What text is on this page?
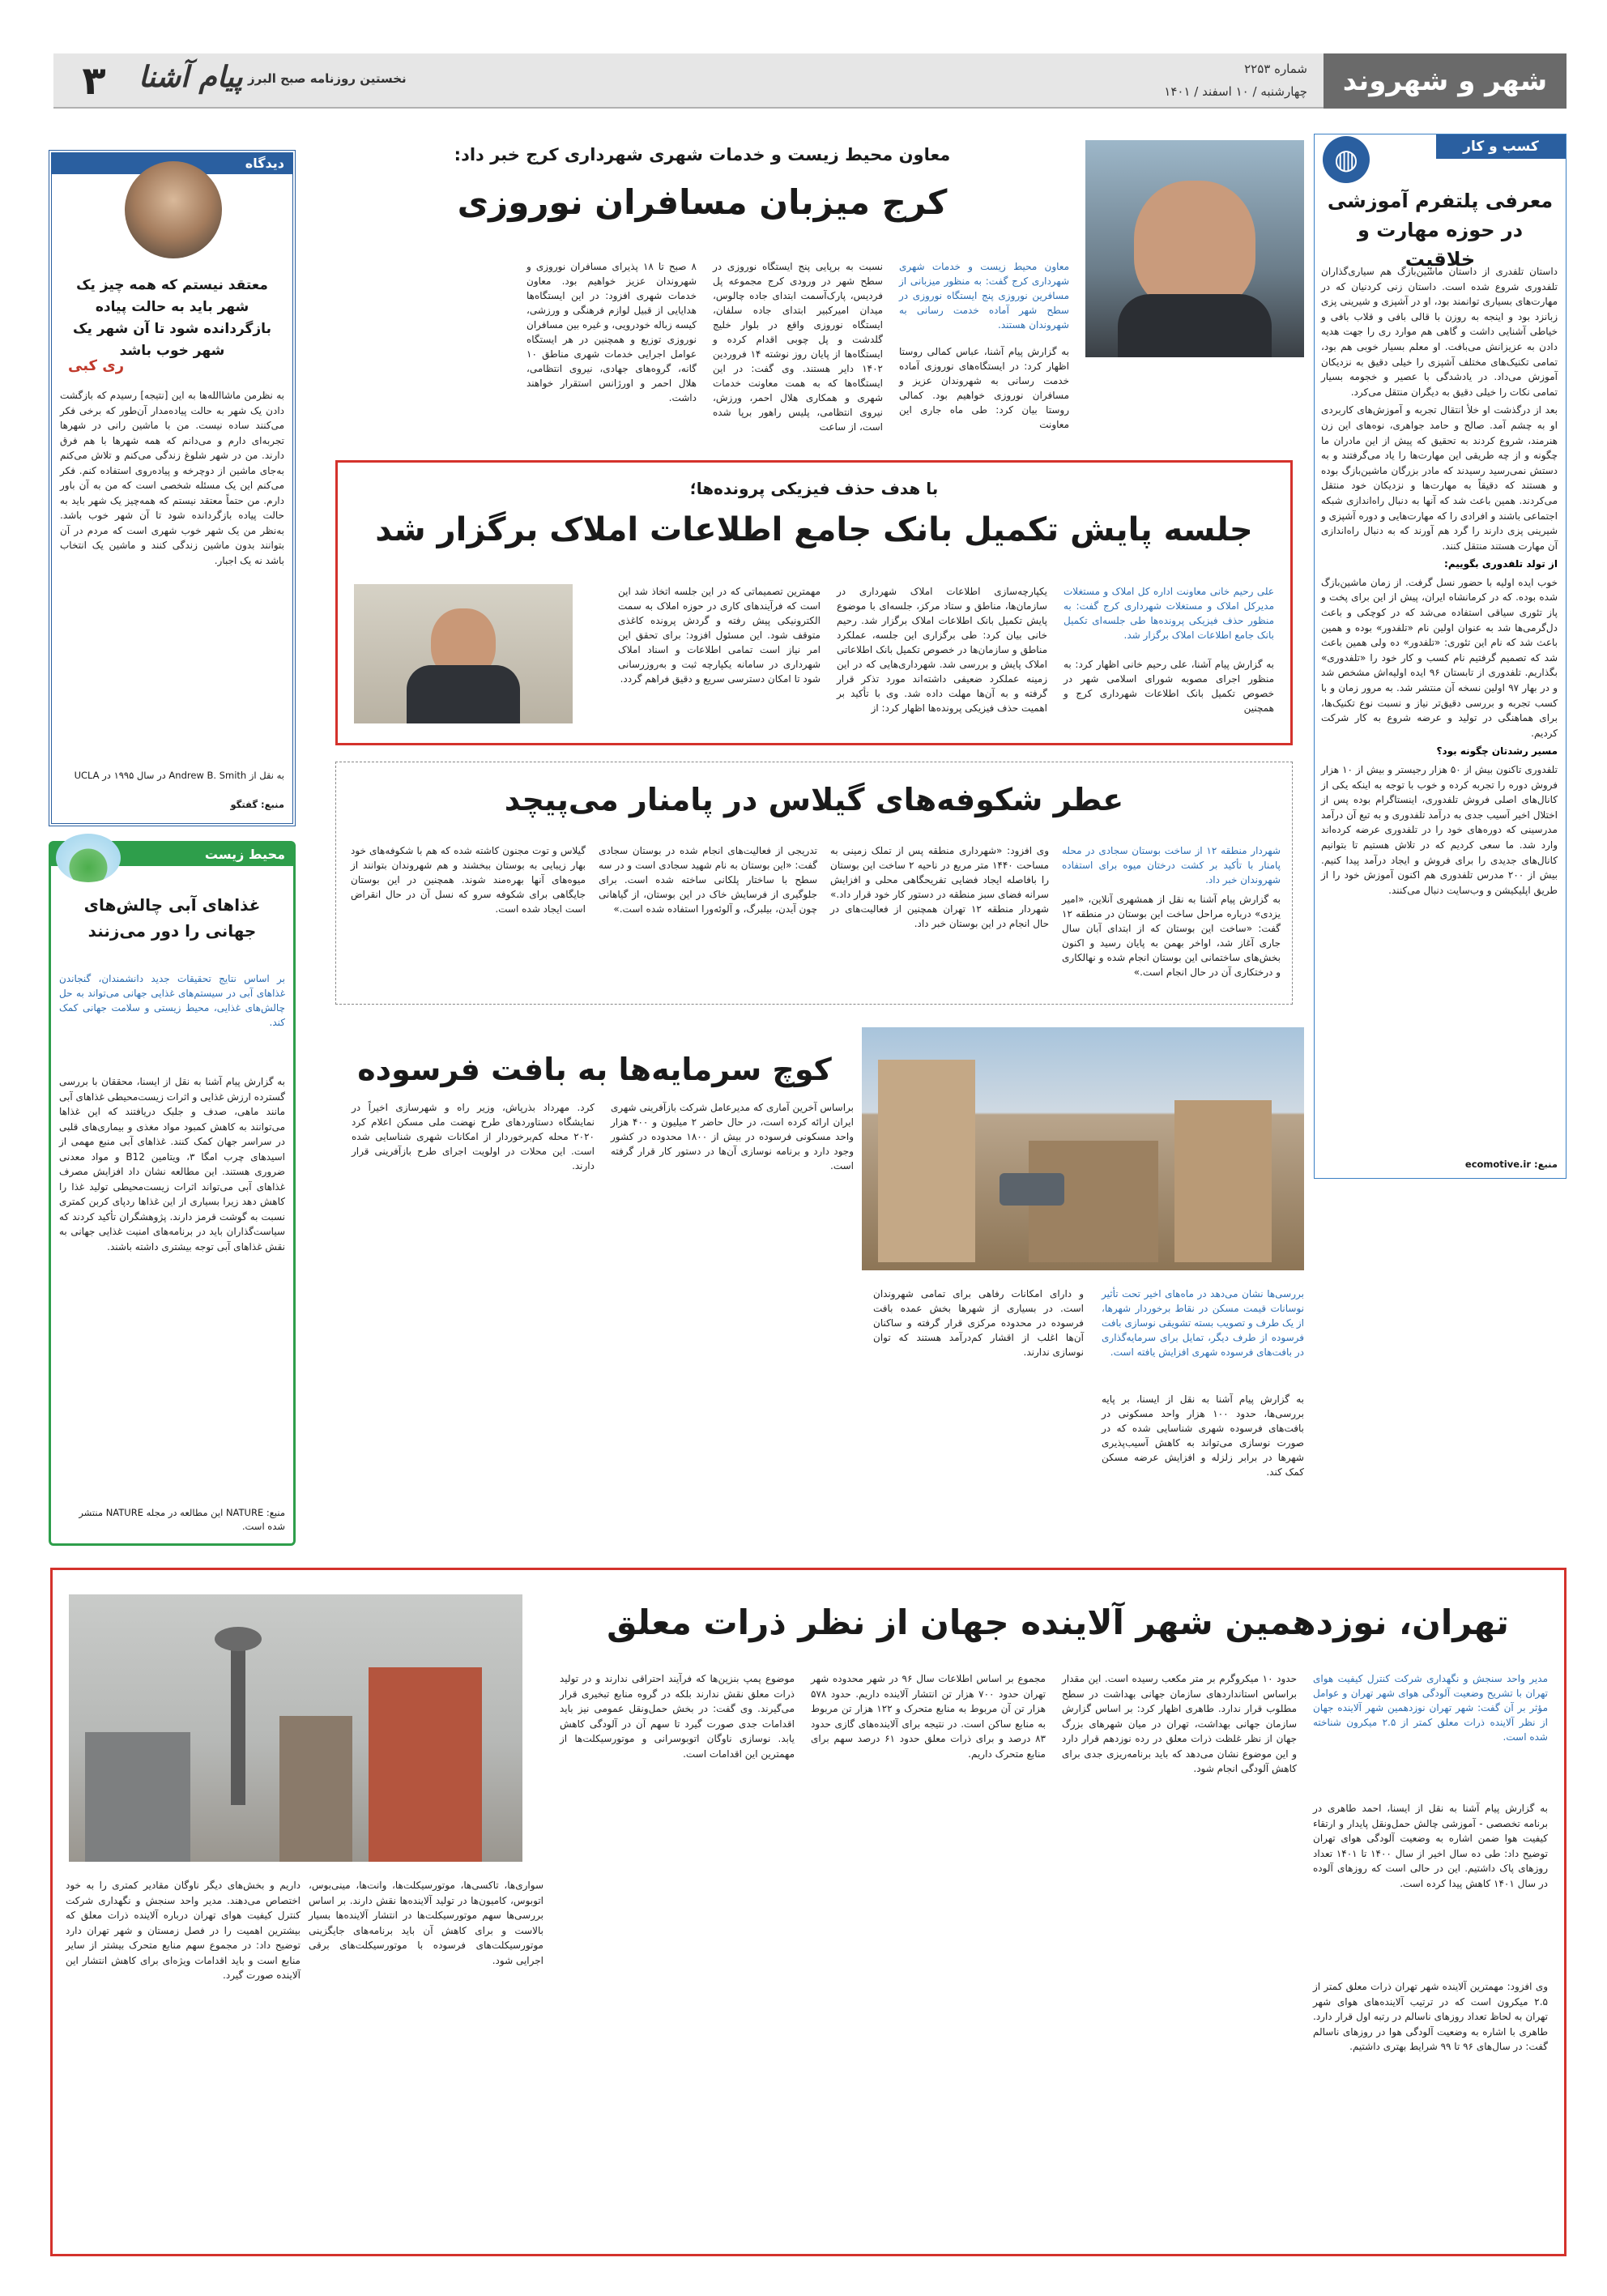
شهر و شهروند
شماره ۲۲۵۳
چهارشنبه / ۱۰ اسفند / ۱۴۰۱
نخستین روزنامه صبح البرز
پیام آشنا
۳
کسب و کار
◍
معرفی پلتفرم آموزشی در حوزه مهارت و خلاقیت

داستان تلفدری از داستان ماشین‌بازگ هم سیاری‌گذاران تلفدوری شروع شده است. داستان زنی کردنیان که در مهارت‌های بسیاری توانمند بود، او در آشپزی و شیرینی پزی زبانزد بود و اینجه به روزن با قالی بافی و قلاب بافی و خیاطی آشنایی داشت و گاهی هم موارد ری را جهت هدیه دادن به عزیزانش می‌بافت. او معلم بسیار خوبی هم بود، تمامی تکنیک‌های مختلف آشپزی را خیلی دقیق به نزدیکان آموزش می‌داد. در یادشدگی با عصیر و خجومه بسیار تمامی نکات را خیلی دقیق به دیگران منتقل می‌کرد.

بعد از درگذشت او خلأ انتقال تجربه و آموزش‌های کاربردی او به چشم آمد. صالح و حامد جواهری، نوه‌های این زن هنرمند، شروع کردند به تحقیق که پیش از این مادران ما چگونه و از چه طریقی این مهارت‌ها را یاد می‌گرفتند و به دستش نمی‌رسید رسیدند که مادر بزرگان ماشین‌بازگ بوده و هستند که دقیقاً به مهارت‌ها و نزدیکان خود منتقل می‌کردند. همین باعث شد که آنها به دنبال راه‌اندازی شبکه اجتماعی باشند و افرادی را که مهارت‌هایی و دوره آشپزی و شیرینی پزی دارند را گرد هم آورند که به دنبال راه‌اندازی آن مهارت هستند منتقل کنند.

از تولد تلفدوری بگوییم:

خوب ایده اولیه با حضور نسل گرفت. از زمان ماشین‌بازگ شده بوده. که در کرمانشاه ایران، پیش از این برای پخت و پاز تئوری سیاقی استفاده می‌شد که در کوچکی و باعث دل‌گرمی‌ها شد به عنوان اولین نام «تلفدور» بوده و همین باعث شد که نام این تئوری: «تلفدور» ده ولی همین باعث شد که تصمیم گرفتیم نام کسب و کار خود را «تلفدوری» بگذاریم. تلفدوری از تابستان ۹۶ ایده اولیه‌اش مشخص شد و در بهار ۹۷ اولین نسخه آن منتشر شد. به مرور زمان و با کسب تجربه و بررسی دقیق‌تر نیاز و نسبت نوع تکنیک‌ها، برای هماهنگی در تولید و عرضه شروع به کار شرکت کردیم.

مسیر رشدتان چگونه بود؟

تلفدوری تاکنون بیش از ۵۰ هزار رجیستر و بیش از ۱۰ هزار فروش دوره را تجربه کرده و خوب با توجه به اینکه یکی از کانال‌های اصلی فروش تلفدوری، اینستاگرام بوده پس از اختلال اخیر آسیب جدی به درآمد تلفدوری و به تبع آن درآمد مدرسینی که دوره‌های خود را در تلفدوری عرضه کرده‌اند وارد شد. ما سعی کردیم که در تلاش هستیم تا بتوانیم کانال‌های جدیدی را برای فروش و ایجاد درآمد پیدا کنیم. بیش از ۲۰۰ مدرس تلفدوری هم اکنون آموزش خود را از طریق اپلیکیشن و وب‌سایت دنبال می‌کنند.

منبع: ecomotive.ir
معاون محیط زیست و خدمات شهری شهرداری کرج خبر داد:
کرج میزبان مسافران نوروزی
معاون محیط زیست و خدمات شهری شهرداری کرج گفت: به منظور میزبانی از مسافرین نوروزی پنج ایستگاه نوروزی در سطح شهر آماده خدمت رسانی به شهروندان هستند.
به گزارش پیام آشنا، عباس کمالی روستا اظهار کرد: در ایستگاه‌های نوروزی آماده خدمت رسانی به شهروندان عزیز و مسافران نوروزی خواهیم بود. کمالی روستا بیان کرد: طی ماه جاری این معاونت
نسبت به برپایی پنج ایستگاه نوروزی در سطح شهر در ورودی کرج مجموعه پل فردیس، پارک‌آسمت ابتدای جاده چالوس، میدان امیرکبیر ابتدای جاده سلفان، ایستگاه نوروزی واقع در بلوار خلیج گلدشت و پل چوبی اقدام کرده و ایستگاه‌ها از پایان روز نوشته ۱۴ فروردین ۱۴۰۲ دایر هستند. وی گفت: در این ایستگاه‌ها که به همت معاونت خدمات شهری و همکاری هلال احمر، ورزش، نیروی انتظامی، پلیس راهور برپا شده است، از ساعت
۸ صبح تا ۱۸ پذیرای مسافران نوروزی و شهروندان عزیز خواهیم بود. معاون خدمات شهری افزود: در این ایستگاه‌ها هدایایی از قبیل لوازم فرهنگی و ورزشی، کیسه زباله خودرویی، و غیره بین مسافران نوروزی توزیع و همچنین در هر ایستگاه عوامل اجرایی خدمات شهری مناطق ۱۰ گانه، گروه‌های جهادی، نیروی انتظامی، هلال احمر و اورژانس استقرار خواهند داشت.
با هدف حذف فیزیکی پرونده‌ها؛
جلسه پایش تکمیل بانک جامع اطلاعات املاک برگزار شد
علی رحیم خانی معاونت اداره کل املاک و مستغلات مدیرکل املاک و مستغلات شهرداری کرج گفت: به منظور حذف فیزیکی پرونده‌ها طی جلسه‌ای تکمیل بانک جامع اطلاعات املاک برگزار شد.
به گزارش پیام آشنا، علی رحیم خانی اظهار کرد: به منظور اجرای مصوبه شورای اسلامی شهر در خصوص تکمیل بانک اطلاعات شهرداری کرج و همچنین
یکپارچه‌سازی اطلاعات املاک شهرداری در سازمان‌ها، مناطق و ستاد مرکز، جلسه‌ای با موضوع پایش تکمیل بانک اطلاعات املاک برگزار شد. رحیم خانی بیان کرد: طی برگزاری این جلسه، عملکرد مناطق و سازمان‌ها در خصوص تکمیل بانک اطلاعاتی املاک پایش و بررسی شد. شهرداری‌هایی که در این زمینه عملکرد ضعیفی داشته‌اند مورد تذکر قرار گرفته و به آن‌ها مهلت داده شد. وی با تأکید بر اهمیت حذف فیزیکی پرونده‌ها اظهار کرد: از
مهمترین تصمیماتی که در این جلسه اتخاذ شد این است که فرآیندهای کاری در حوزه املاک به سمت الکترونیکی پیش رفته و گردش پرونده کاغذی متوقف شود. این مسئول افزود: برای تحقق این امر نیاز است تمامی اطلاعات و اسناد املاک شهرداری در سامانه یکپارچه ثبت و به‌روزرسانی شود تا امکان دسترسی سریع و دقیق فراهم گردد.
عطر شکوفه‌های گیلاس در پامنار می‌پیچد
شهردار منطقه ۱۲ از ساخت بوستان سجادی در محله پامنار با تأکید بر کشت درختان میوه برای استفاده شهروندان خبر داد.
به گزارش پیام آشنا به نقل از همشهری آنلاین، «امیر یزدی» درباره مراحل ساخت این بوستان در منطقه ۱۲ گفت: «ساخت این بوستان که از ابتدای آبان سال جاری آغاز شد، اواخر بهمن به پایان رسید و اکنون بخش‌های ساختمانی این بوستان انجام شده و نهالکاری و درختکاری آن در حال انجام است.»
وی افزود: «شهرداری منطقه پس از تملک زمینی به مساحت ۱۴۴۰ متر مربع در ناحیه ۲ ساخت این بوستان را بافاصله ایجاد فضایی تفریحگاهی محلی و افزایش سرانه فضای سبز منطقه در دستور کار خود قرار داد.» شهردار منطقه ۱۲ تهران همچنین از فعالیت‌های در حال انجام در این بوستان خبر داد.
تدریجی از فعالیت‌های انجام شده در بوستان سجادی گفت: «این بوستان به نام شهید سجادی است و در سه سطح با ساختار پلکانی ساخته شده است. برای جلوگیری از فرسایش خاک در این بوستان، از گیاهانی چون آیدن، بیلبرگ، و آلوئه‌ورا استفاده شده است.»
گیلاس و توت مجنون کاشته شده که هم با شکوفه‌های خود بهار زیبایی به بوستان ببخشند و هم شهروندان بتوانند از میوه‌های آنها بهره‌مند شوند. همچنین در این بوستان جایگاهی برای شکوفه سرو که نسل آن در حال انقراض است ایجاد شده است.
کوچ سرمایه‌ها به بافت فرسوده
بررسی‌ها نشان می‌دهد در ماه‌های اخیر تحت تأثیر نوسانات قیمت مسکن در نقاط برخوردار شهرها، از یک طرف و تصویب بسته تشویقی نوسازی بافت فرسوده از طرف دیگر، تمایل برای سرمایه‌گذاری در بافت‌های فرسوده شهری افزایش یافته است.
به گزارش پیام آشنا به نقل از ایسنا، بر پایه بررسی‌ها، حدود ۱۰۰ هزار واحد مسکونی در بافت‌های فرسوده شهری شناسایی شده که در صورت نوسازی می‌تواند به کاهش آسیب‌پذیری شهرها در برابر زلزله و افزایش عرضه مسکن کمک کند.
و دارای امکانات رفاهی برای تمامی شهروندان است. در بسیاری از شهرها بخش عمده بافت فرسوده در محدوده مرکزی قرار گرفته و ساکنان آن‌ها اغلب از اقشار کم‌درآمد هستند که توان نوسازی ندارند.
براساس آخرین آماری که مدیرعامل شرکت بازآفرینی شهری ایران ارائه کرده است، در حال حاضر ۲ میلیون و ۴۰۰ هزار واحد مسکونی فرسوده در بیش از ۱۸۰۰ محدوده در کشور وجود دارد و برنامه نوسازی آن‌ها در دستور کار قرار گرفته است.
کرد. مهرداد بذرپاش، وزیر راه و شهرسازی اخیراً در نمایشگاه دستاوردهای طرح نهضت ملی مسکن اعلام کرد ۲۰۲۰ محله کم‌برخوردار از امکانات شهری شناسایی شده است. این محلات در اولویت اجرای طرح بازآفرینی قرار دارند.
دیدگاه
معتقد نیستم که همه چیز یک شهر باید به حالت پیاده بازگردانده شود تا آن شهر یک شهر خوب باشد
ری کبی
به نظرمن ماشاالله‌ها به این [نتیجه] رسیدم که بازگشت دادن یک شهر به حالت پیاده‌مدار آن‌طور که برخی فکر می‌کنند ساده نیست. من با ماشین رانی در شهرها تجربه‌ای دارم و می‌دانم که همه شهرها با هم فرق دارند. من در شهر شلوغ زندگی می‌کنم و تلاش می‌کنم به‌جای ماشین از دوچرخه و پیاده‌روی استفاده کنم. فکر می‌کنم این یک مسئله شخصی است که من به آن باور دارم. من حتماً معتقد نیستم که همه‌چیز یک شهر باید به حالت پیاده بازگردانده شود تا آن شهر خوب باشد. به‌نظر من یک شهر خوب شهری است که مردم در آن بتوانند بدون ماشین زندگی کنند و ماشین یک انتخاب باشد نه یک اجبار.
به نقل از Andrew B. Smith در سال ۱۹۹۵ در UCLA
منبع: گفتگو
محیط زیست
غذاهای آبی چالش‌های جهانی را دور می‌زنند
بر اساس نتایج تحقیقات جدید دانشمندان، گنجاندن غذاهای آبی در سیستم‌های غذایی جهانی می‌تواند به حل چالش‌های غذایی، محیط زیستی و سلامت جهانی کمک کند.
به گزارش پیام آشنا به نقل از ایسنا، محققان با بررسی گسترده ارزش غذایی و اثرات زیست‌محیطی غذاهای آبی مانند ماهی، صدف و جلبک دریافتند که این غذاها می‌توانند به کاهش کمبود مواد مغذی و بیماری‌های قلبی در سراسر جهان کمک کنند. غذاهای آبی منبع مهمی از اسیدهای چرب امگا ۳، ویتامین B12 و مواد معدنی ضروری هستند. این مطالعه نشان داد افزایش مصرف غذاهای آبی می‌تواند اثرات زیست‌محیطی تولید غذا را کاهش دهد زیرا بسیاری از این غذاها ردپای کربن کمتری نسبت به گوشت قرمز دارند. پژوهشگران تأکید کردند که سیاست‌گذاران باید در برنامه‌های امنیت غذایی جهانی به نقش غذاهای آبی توجه بیشتری داشته باشند.
منبع: NATURE این مطالعه در مجله NATURE منتشر شده است.
تهران، نوزدهمین شهر آلاینده جهان از نظر ذرات معلق
مدیر واحد سنجش و نگهداری شرکت کنترل کیفیت هوای تهران با تشریح وضعیت آلودگی هوای شهر تهران و عوامل مؤثر بر آن گفت: شهر تهران نوزدهمین شهر آلاینده جهان از نظر آلاینده ذرات معلق کمتر از ۲.۵ میکرون شناخته شده است.
به گزارش پیام آشنا به نقل از ایسنا، احمد طاهری در برنامه تخصصی - آموزشی چالش حمل‌ونقل پایدار و ارتقاء کیفیت هوا ضمن اشاره به وضعیت آلودگی هوای تهران توضیح داد: طی ده سال اخیر از سال ۱۴۰۰ تا ۱۴۰۱ تعداد روزهای پاک داشتیم. این در حالی است که روزهای آلوده در سال ۱۴۰۱ کاهش پیدا کرده است.
وی افزود: مهمترین آلاینده شهر تهران ذرات معلق کمتر از ۲.۵ میکرون است که در ترتیب آلاینده‌های هوای شهر تهران به لحاظ تعداد روزهای ناسالم در رتبه اول قرار دارد. طاهری با اشاره به وضعیت آلودگی هوا در روزهای ناسالم گفت: در سال‌های ۹۶ تا ۹۹ شرایط بهتری داشتیم.
حدود ۱۰ میکروگرم بر متر مکعب رسیده است. این مقدار براساس استانداردهای سازمان جهانی بهداشت در سطح مطلوب قرار ندارد. طاهری اظهار کرد: بر اساس گزارش سازمان جهانی بهداشت، تهران در میان شهرهای بزرگ جهان از نظر غلظت ذرات معلق در رده نوزدهم قرار دارد و این موضوع نشان می‌دهد که باید برنامه‌ریزی جدی برای کاهش آلودگی انجام شود.
مجموع بر اساس اطلاعات سال ۹۶ در شهر محدوده شهر تهران حدود ۷۰۰ هزار تن انتشار آلاینده داریم. حدود ۵۷۸ هزار تن آن مربوط به منابع متحرک و ۱۲۲ هزار تن مربوط به منابع ساکن است. در نتیجه برای آلاینده‌های گازی حدود ۸۳ درصد و برای ذرات معلق حدود ۶۱ درصد سهم برای منابع متحرک داریم.
موضوع پمپ بنزین‌ها که فرآیند احتراقی ندارند و در تولید ذرات معلق نقش ندارند بلکه در گروه منابع تبخیری قرار می‌گیرند. وی گفت: در بخش حمل‌ونقل عمومی نیز باید اقدامات جدی صورت گیرد تا سهم آن در آلودگی کاهش یابد. نوسازی ناوگان اتوبوسرانی و موتورسیکلت‌ها از مهمترین این اقدامات است.
سواری‌ها، تاکسی‌ها، موتورسیکلت‌ها، وانت‌ها، مینی‌بوس، اتوبوس، کامیون‌ها در تولید آلاینده‌ها نقش دارند. بر اساس بررسی‌ها سهم موتورسیکلت‌ها در انتشار آلاینده‌ها بسیار بالاست و برای کاهش آن باید برنامه‌های جایگزینی موتورسیکلت‌های فرسوده با موتورسیکلت‌های برقی اجرایی شود.
داریم و بخش‌های دیگر ناوگان مقادیر کمتری را به خود اختصاص می‌دهند. مدیر واحد سنجش و نگهداری شرکت کنترل کیفیت هوای تهران درباره آلاینده ذرات معلق که بیشترین اهمیت را در فصل زمستان و شهر تهران دارد توضیح داد: در مجموع سهم منابع متحرک بیشتر از سایر منابع است و باید اقدامات ویژه‌ای برای کاهش انتشار این آلاینده صورت گیرد.
